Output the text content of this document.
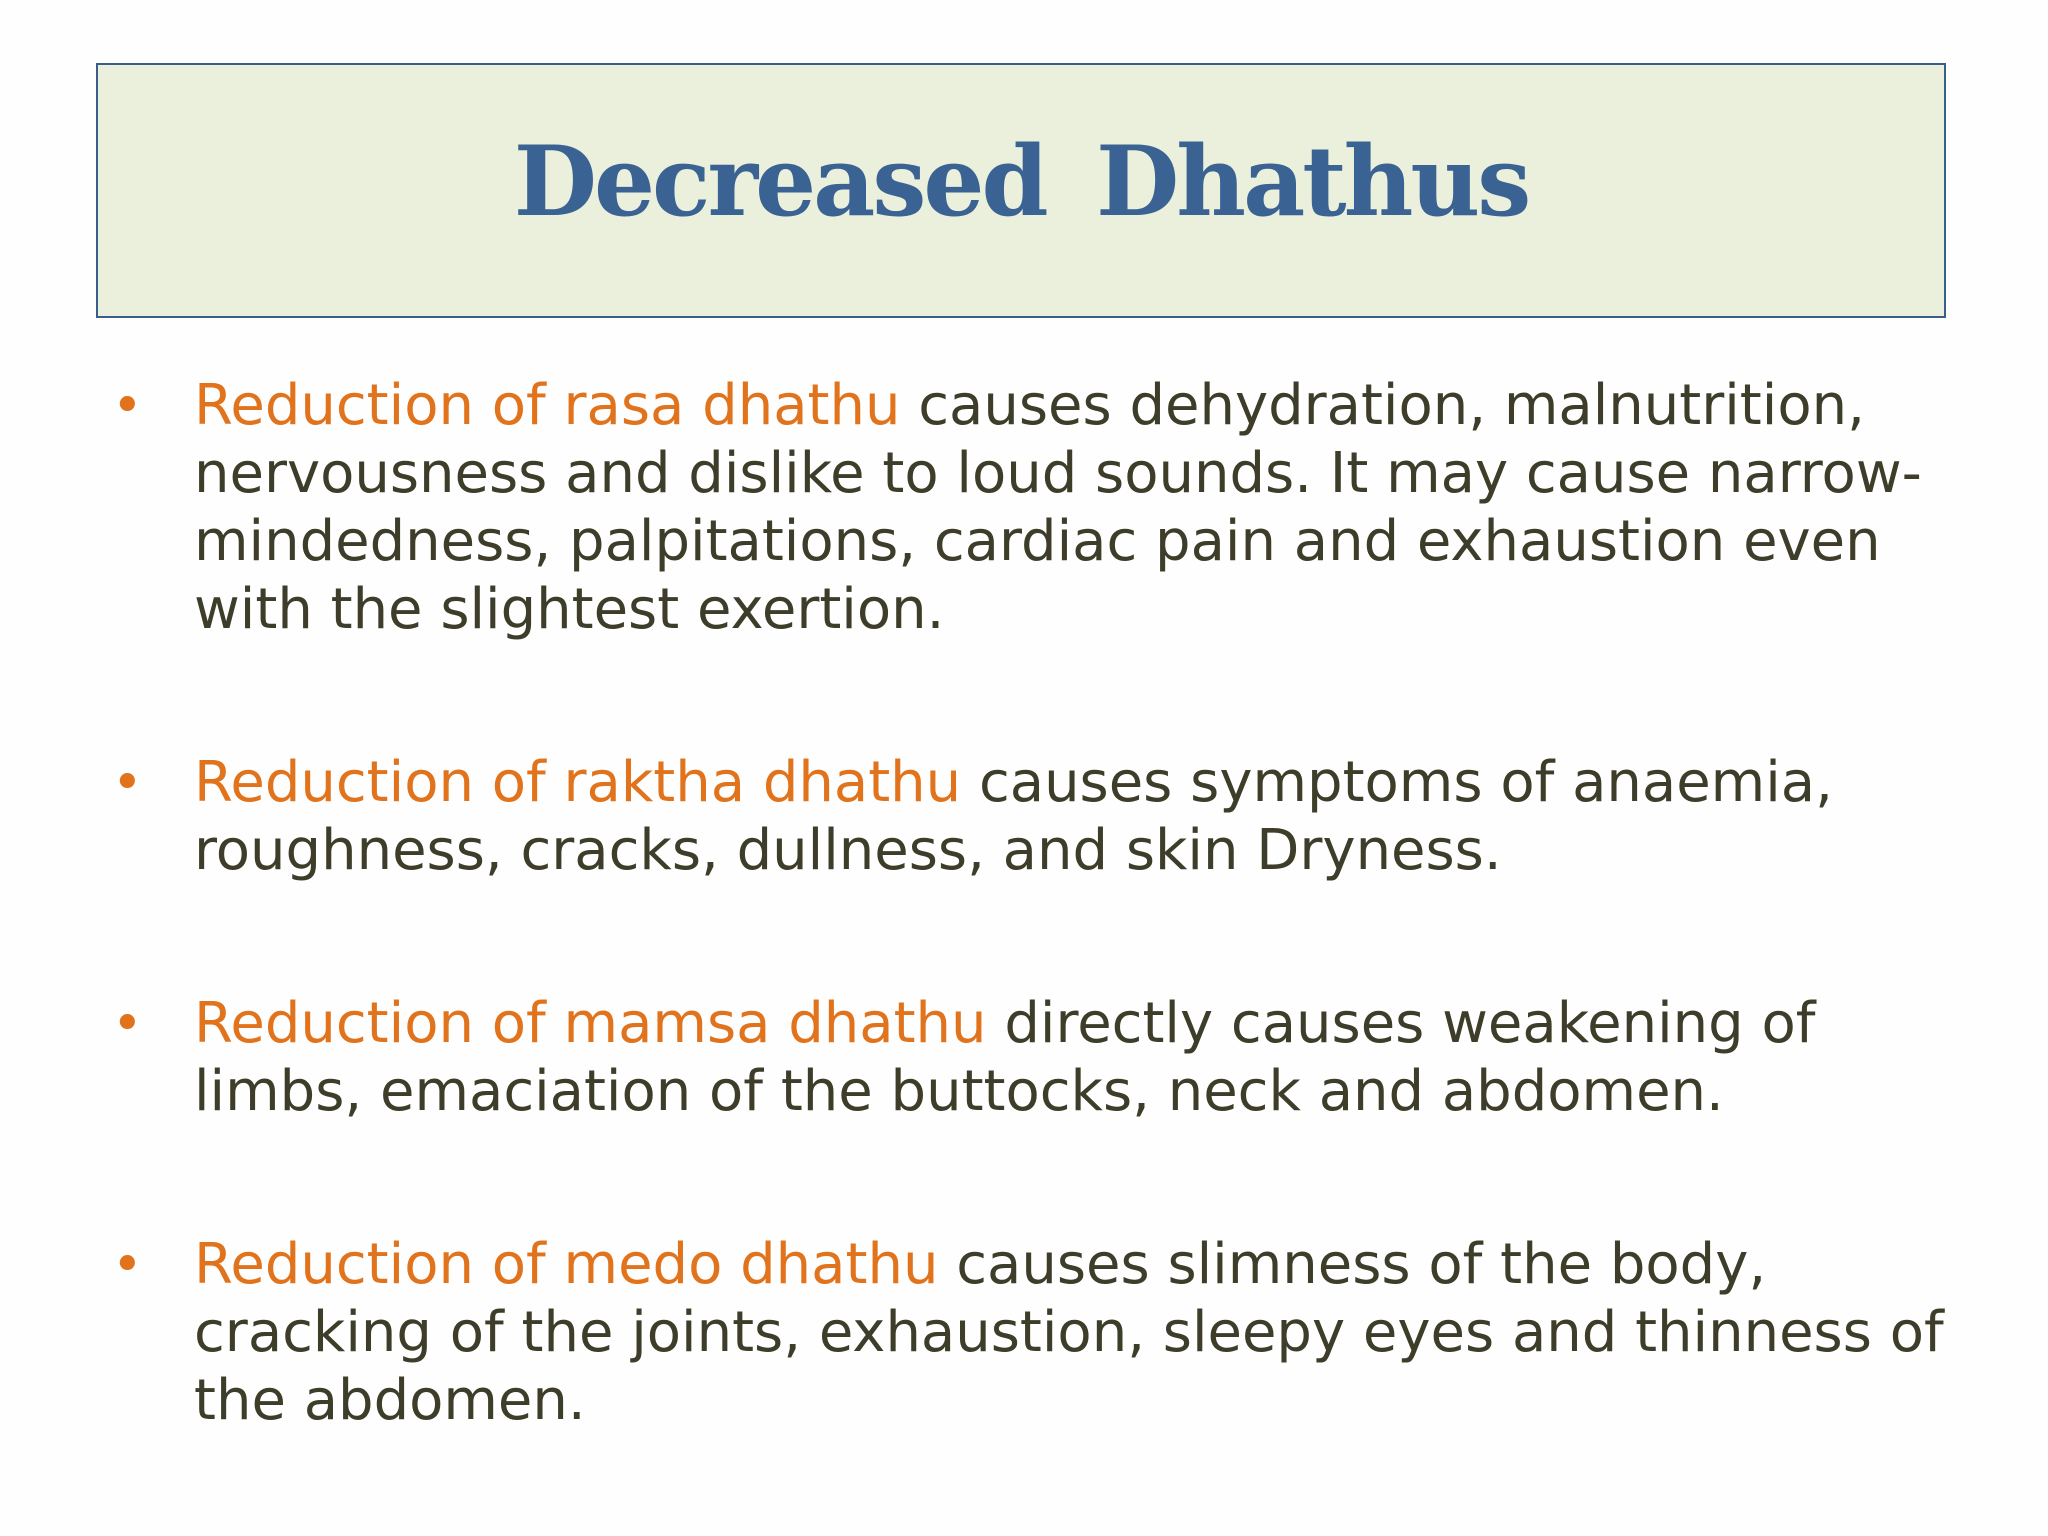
Decreased Dhathus
• Reduction of rasa dhathu causes dehydration, malnutrition, nervousness and dislike to loud sounds. It may cause narrow-mindedness, palpitations, cardiac pain and exhaustion even with the slightest exertion.
• Reduction of raktha dhathu causes symptoms of anaemia, roughness, cracks, dullness, and skin Dryness.
• Reduction of mamsa dhathu directly causes weakening of limbs, emaciation of the buttocks, neck and abdomen.
• Reduction of medo dhathu causes slimness of the body, cracking of the joints, exhaustion, sleepy eyes and thinness of the abdomen.
